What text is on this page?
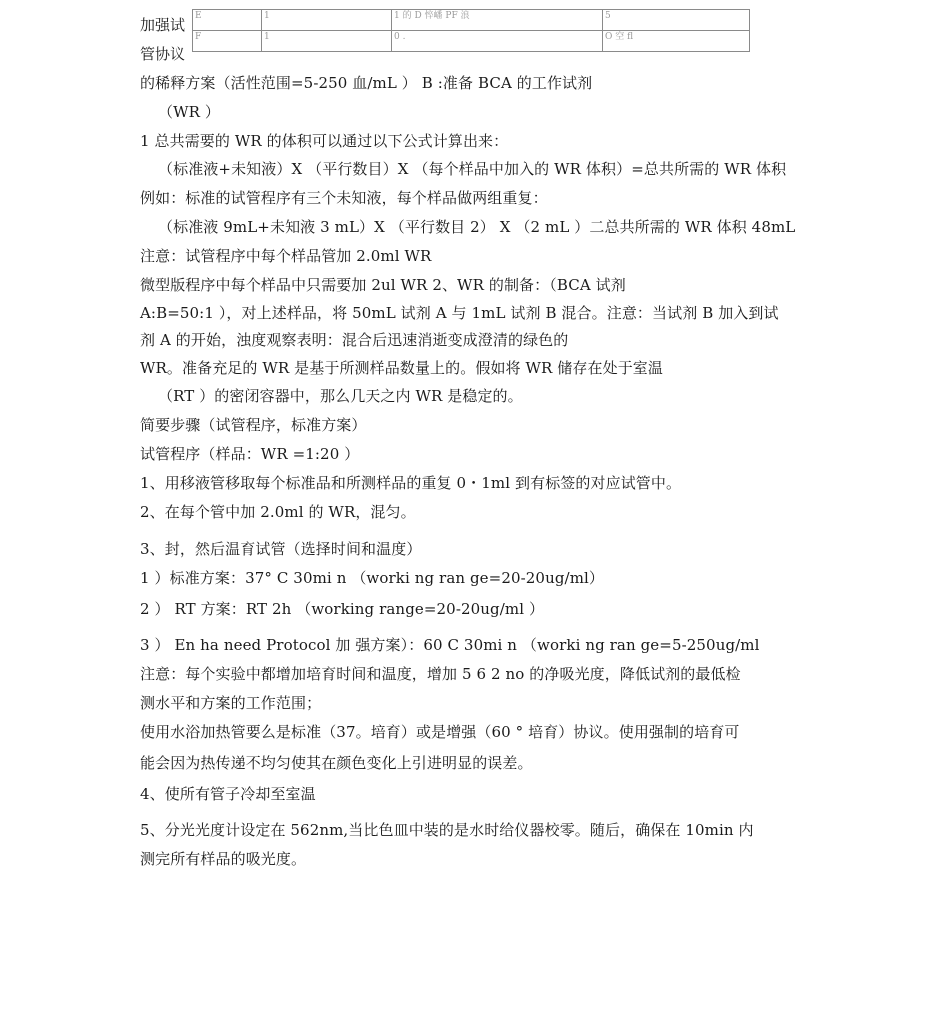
加强试
管协议
E	1	1 的 D 悴嶓 PF 浪	5
F	1	0 .	O 空 fl
的稀释方案（活性范围=5-250 血/mL ） B :准备 BCA 的工作试剂
（WR ）
1 总共需要的 WR 的体积可以通过以下公式计算出来：
（标准液+未知液）X （平行数目）X （每个样品中加入的 WR 体积）=总共所需的 WR 体积
例如：标准的试管程序有三个未知液，每个样品做两组重复：
（标准液 9mL+未知液 3 mL）X （平行数目 2） X （2 mL ）二总共所需的 WR 体积 48mL
注意：试管程序中每个样品管加 2.0ml WR
微型版程序中每个样品中只需要加 2ul WR 2、WR 的制备：（BCA 试剂
A:B=50:1 ），对上述样品，将 50mL 试剂 A 与 1mL 试剂 B 混合。注意：当试剂 B 加入到试
剂 A 的开始，浊度观察表明：混合后迅速消逝变成澄清的绿色的
WR。准备充足的 WR 是基于所测样品数量上的。假如将 WR 储存在处于室温
（RT ）的密闭容器中，那么几天之内 WR 是稳定的。
简要步骤（试管程序，标准方案）
试管程序（样品：WR =1:20 ）
1、用移液管移取每个标准品和所测样品的重复 0・1ml 到有标签的对应试管中。
2、在每个管中加 2.0ml 的 WR，混匀。
3、封，然后温育试管（选择时间和温度）
1 ）标准方案：37° C 30mi n （worki ng ran ge=20-20ug/ml）
2 ） RT 方案：RT 2h （working range=20-20ug/ml ）
3 ） En ha need Protocol 加 强方案）：60 C 30mi n （worki ng ran ge=5-250ug/ml
注意：每个实验中都增加培育时间和温度，增加 5 6 2 no 的净吸光度，降低试剂的最低检
测水平和方案的工作范围；
使用水浴加热管要么是标准（37。培育）或是增强（60 ° 培育）协议。使用强制的培育可
能会因为热传递不均匀使其在颜色变化上引进明显的误差。
4、使所有管子冷却至室温
5、分光光度计设定在 562nm,当比色皿中装的是水时给仪器校零。随后，确保在 10min 内
测完所有样品的吸光度。
